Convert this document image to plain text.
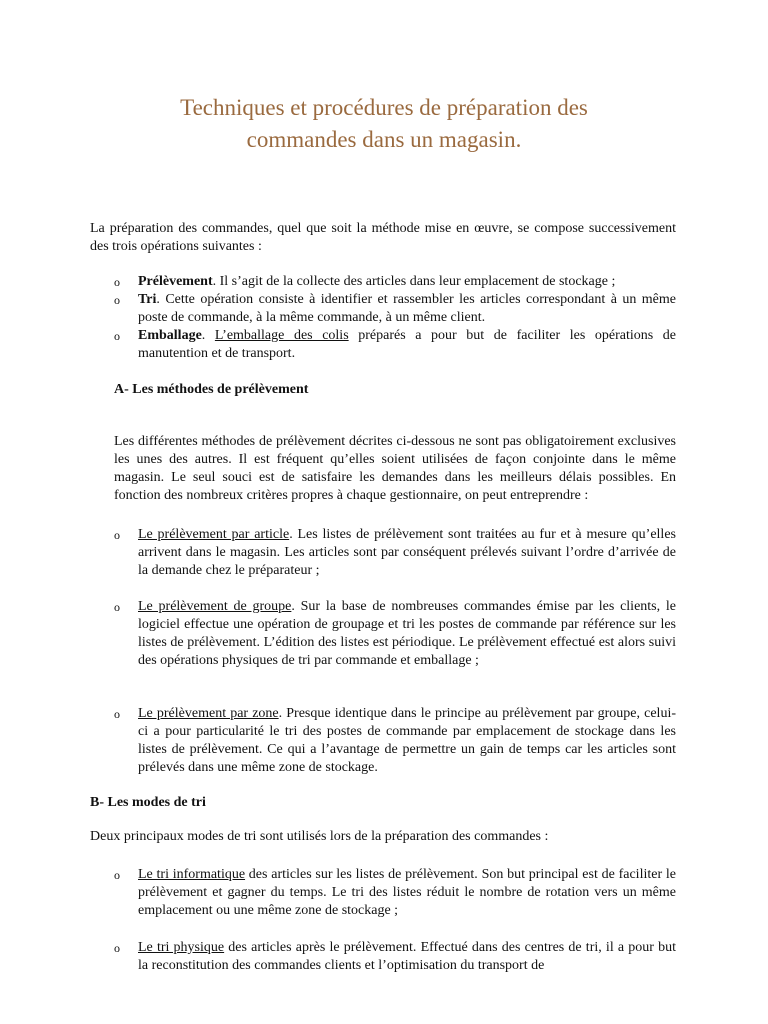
Techniques et procédures de préparation des
commandes dans un magasin.

La préparation des commandes, quel que soit la méthode mise en œuvre, se compose successivement des trois opérations suivantes :

o Prélèvement. Il s’agit de la collecte des articles dans leur emplacement de stockage ;
o Tri. Cette opération consiste à identifier et rassembler les articles correspondant à un même poste de commande, à la même commande, à un même client.
o Emballage. L’emballage des colis préparés a pour but de faciliter les opérations de manutention et de transport.
A- Les méthodes de prélèvement

Les différentes méthodes de prélèvement décrites ci-dessous ne sont pas obligatoirement exclusives les unes des autres. Il est fréquent qu’elles soient utilisées de façon conjointe dans le même magasin. Le seul souci est de satisfaire les demandes dans les meilleurs délais possibles. En fonction des nombreux critères propres à chaque gestionnaire, on peut entreprendre :

o Le prélèvement par article. Les listes de prélèvement sont traitées au fur et à mesure qu’elles arrivent dans le magasin. Les articles sont par conséquent prélevés suivant l’ordre d’arrivée de la demande chez le préparateur ;
o Le prélèvement de groupe. Sur la base de nombreuses commandes émise par les clients, le logiciel effectue une opération de groupage et tri les postes de commande par référence sur les listes de prélèvement. L’édition des listes est périodique. Le prélèvement effectué est alors suivi des opérations physiques de tri par commande et emballage ;
o Le prélèvement par zone. Presque identique dans le principe au prélèvement par groupe, celui-ci a pour particularité le tri des postes de commande par emplacement de stockage dans les listes de prélèvement. Ce qui a l’avantage de permettre un gain de temps car les articles sont prélevés dans une même zone de stockage.
B- Les modes de tri

Deux principaux modes de tri sont utilisés lors de la préparation des commandes :

o Le tri informatique des articles sur les listes de prélèvement. Son but principal est de faciliter le prélèvement et gagner du temps. Le tri des listes réduit le nombre de rotation vers un même emplacement ou une même zone de stockage ;
o Le tri physique des articles après le prélèvement. Effectué dans des centres de tri, il a pour but la reconstitution des commandes clients et l’optimisation du transport de
